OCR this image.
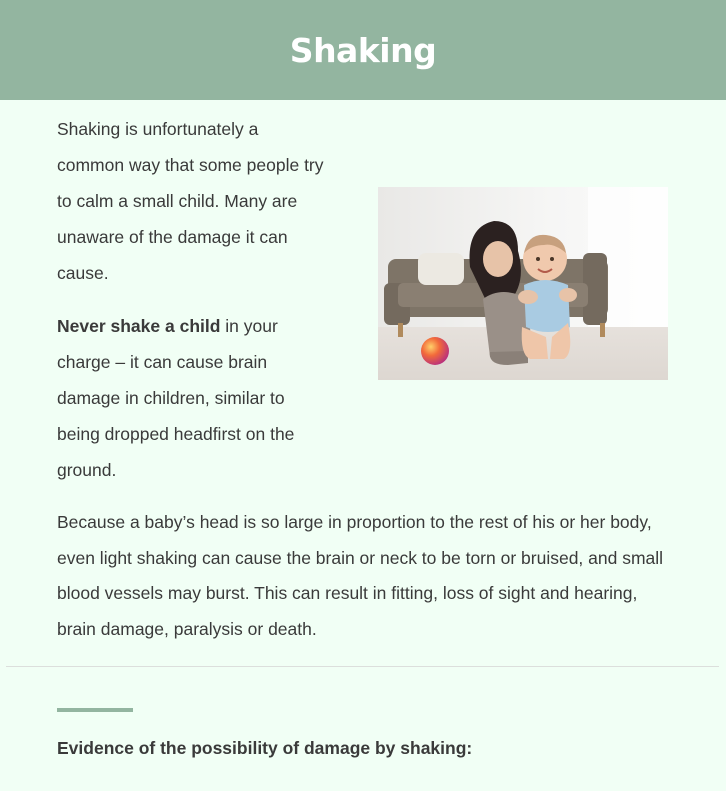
Shaking

Shaking is unfortunately a common way that some people try to calm a small child. Many are unaware of the damage it can cause.

Never shake a child in your charge – it can cause brain damage in children, similar to being dropped headfirst on the ground.

Because a baby’s head is so large in proportion to the rest of his or her body, even light shaking can cause the brain or neck to be torn or bruised, and small blood vessels may burst. This can result in fitting, loss of sight and hearing, brain damage, paralysis or death.

Evidence of the possibility of damage by shaking:
